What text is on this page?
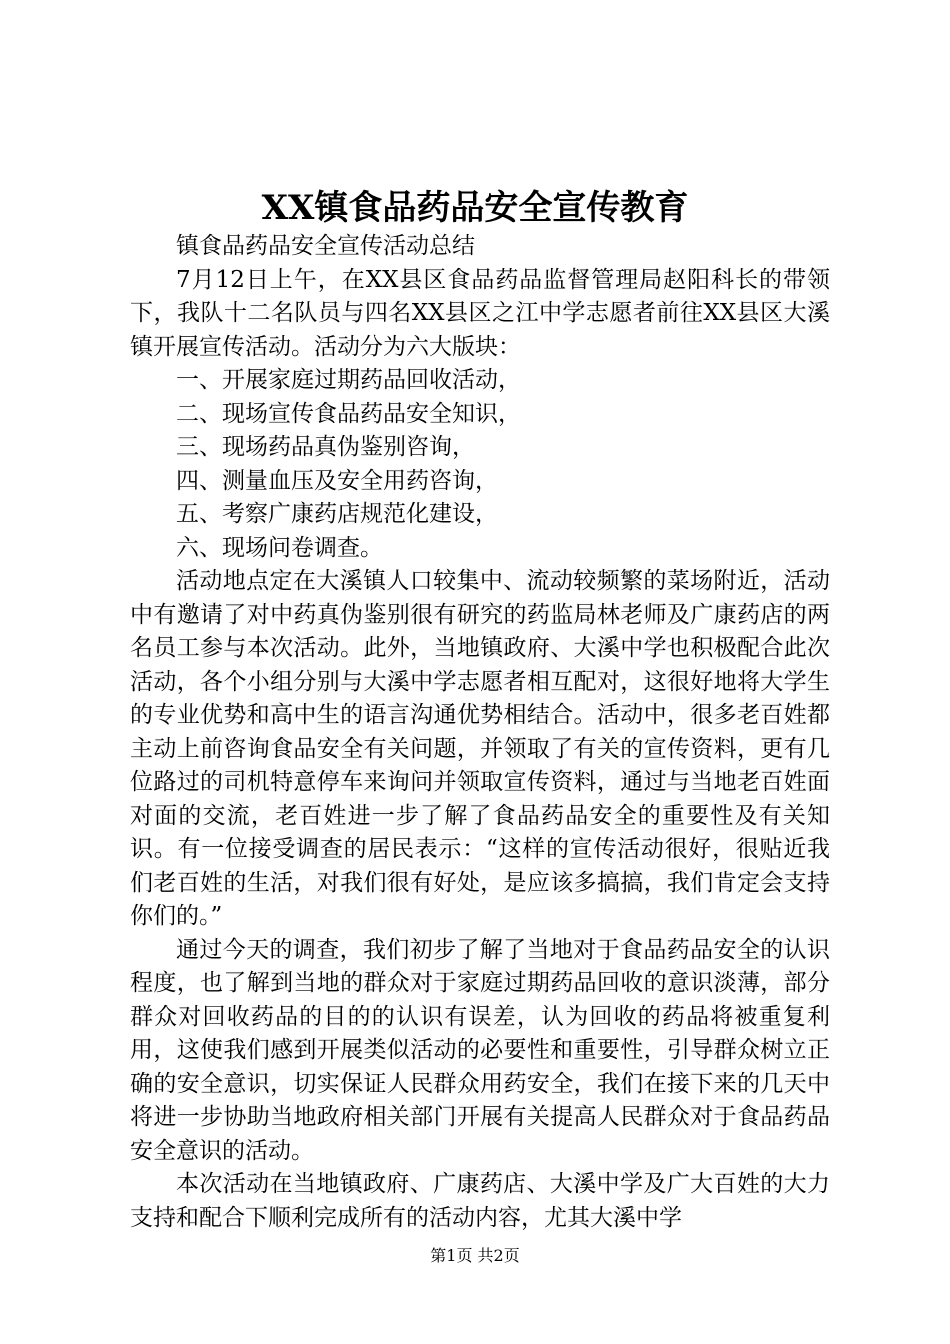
XX镇食品药品安全宣传教育

镇食品药品安全宣传活动总结

7月12日上午，在XX县区食品药品监督管理局赵阳科长的带领下，我队十二名队员与四名XX县区之江中学志愿者前往XX县区大溪镇开展宣传活动。活动分为六大版块：

一、开展家庭过期药品回收活动，

二、现场宣传食品药品安全知识，

三、现场药品真伪鉴别咨询，

四、测量血压及安全用药咨询，

五、考察广康药店规范化建设，

六、现场问卷调查。

活动地点定在大溪镇人口较集中、流动较频繁的菜场附近，活动中有邀请了对中药真伪鉴别很有研究的药监局林老师及广康药店的两名员工参与本次活动。此外，当地镇政府、大溪中学也积极配合此次活动，各个小组分别与大溪中学志愿者相互配对，这很好地将大学生的专业优势和高中生的语言沟通优势相结合。活动中，很多老百姓都主动上前咨询食品安全有关问题，并领取了有关的宣传资料，更有几位路过的司机特意停车来询问并领取宣传资料，通过与当地老百姓面对面的交流，老百姓进一步了解了食品药品安全的重要性及有关知识。有一位接受调查的居民表示：“这样的宣传活动很好，很贴近我们老百姓的生活，对我们很有好处，是应该多搞搞，我们肯定会支持你们的。”

通过今天的调查，我们初步了解了当地对于食品药品安全的认识程度，也了解到当地的群众对于家庭过期药品回收的意识淡薄，部分群众对回收药品的目的的认识有误差，认为回收的药品将被重复利用，这使我们感到开展类似活动的必要性和重要性，引导群众树立正确的安全意识，切实保证人民群众用药安全，我们在接下来的几天中将进一步协助当地政府相关部门开展有关提高人民群众对于食品药品安全意识的活动。

本次活动在当地镇政府、广康药店、大溪中学及广大百姓的大力支持和配合下顺利完成所有的活动内容，尤其大溪中学

第1页 共2页
